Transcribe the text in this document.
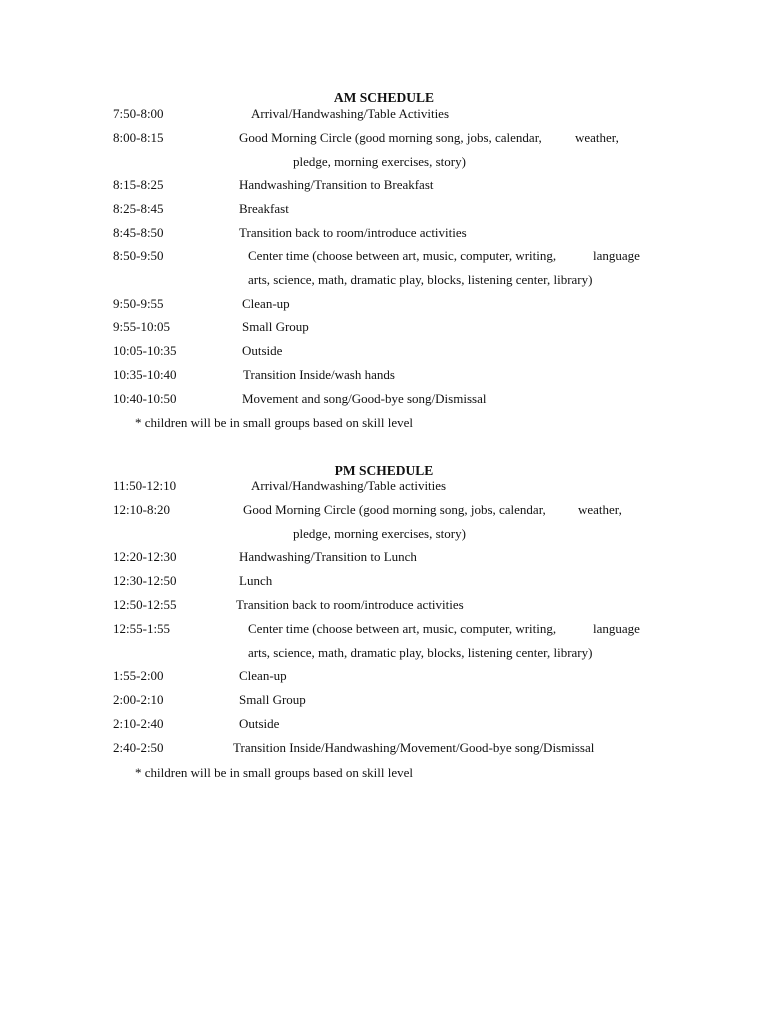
AM SCHEDULE
7:50-8:00	Arrival/Handwashing/Table Activities
8:00-8:15	Good Morning Circle (good morning song, jobs, calendar,	weather,
pledge, morning exercises, story)
8:15-8:25	Handwashing/Transition to Breakfast
8:25-8:45	Breakfast
8:45-8:50	Transition back to room/introduce activities
8:50-9:50	Center time (choose between art, music, computer, writing,	language
arts, science, math, dramatic play, blocks, listening center, library)
9:50-9:55	Clean-up
9:55-10:05	Small Group
10:05-10:35	Outside
10:35-10:40	Transition Inside/wash hands
10:40-10:50	Movement and song/Good-bye song/Dismissal
* children will be in small groups based on skill level
PM SCHEDULE
11:50-12:10	Arrival/Handwashing/Table activities
12:10-8:20	Good Morning Circle (good morning song, jobs, calendar, weather,
pledge, morning exercises, story)
12:20-12:30	Handwashing/Transition to Lunch
12:30-12:50	Lunch
12:50-12:55	Transition back to room/introduce activities
12:55-1:55	Center time (choose between art, music, computer, writing,	language
arts, science, math, dramatic play, blocks, listening center, library)
1:55-2:00	Clean-up
2:00-2:10	Small Group
2:10-2:40	Outside
2:40-2:50	Transition Inside/Handwashing/Movement/Good-bye song/Dismissal
* children will be in small groups based on skill level
